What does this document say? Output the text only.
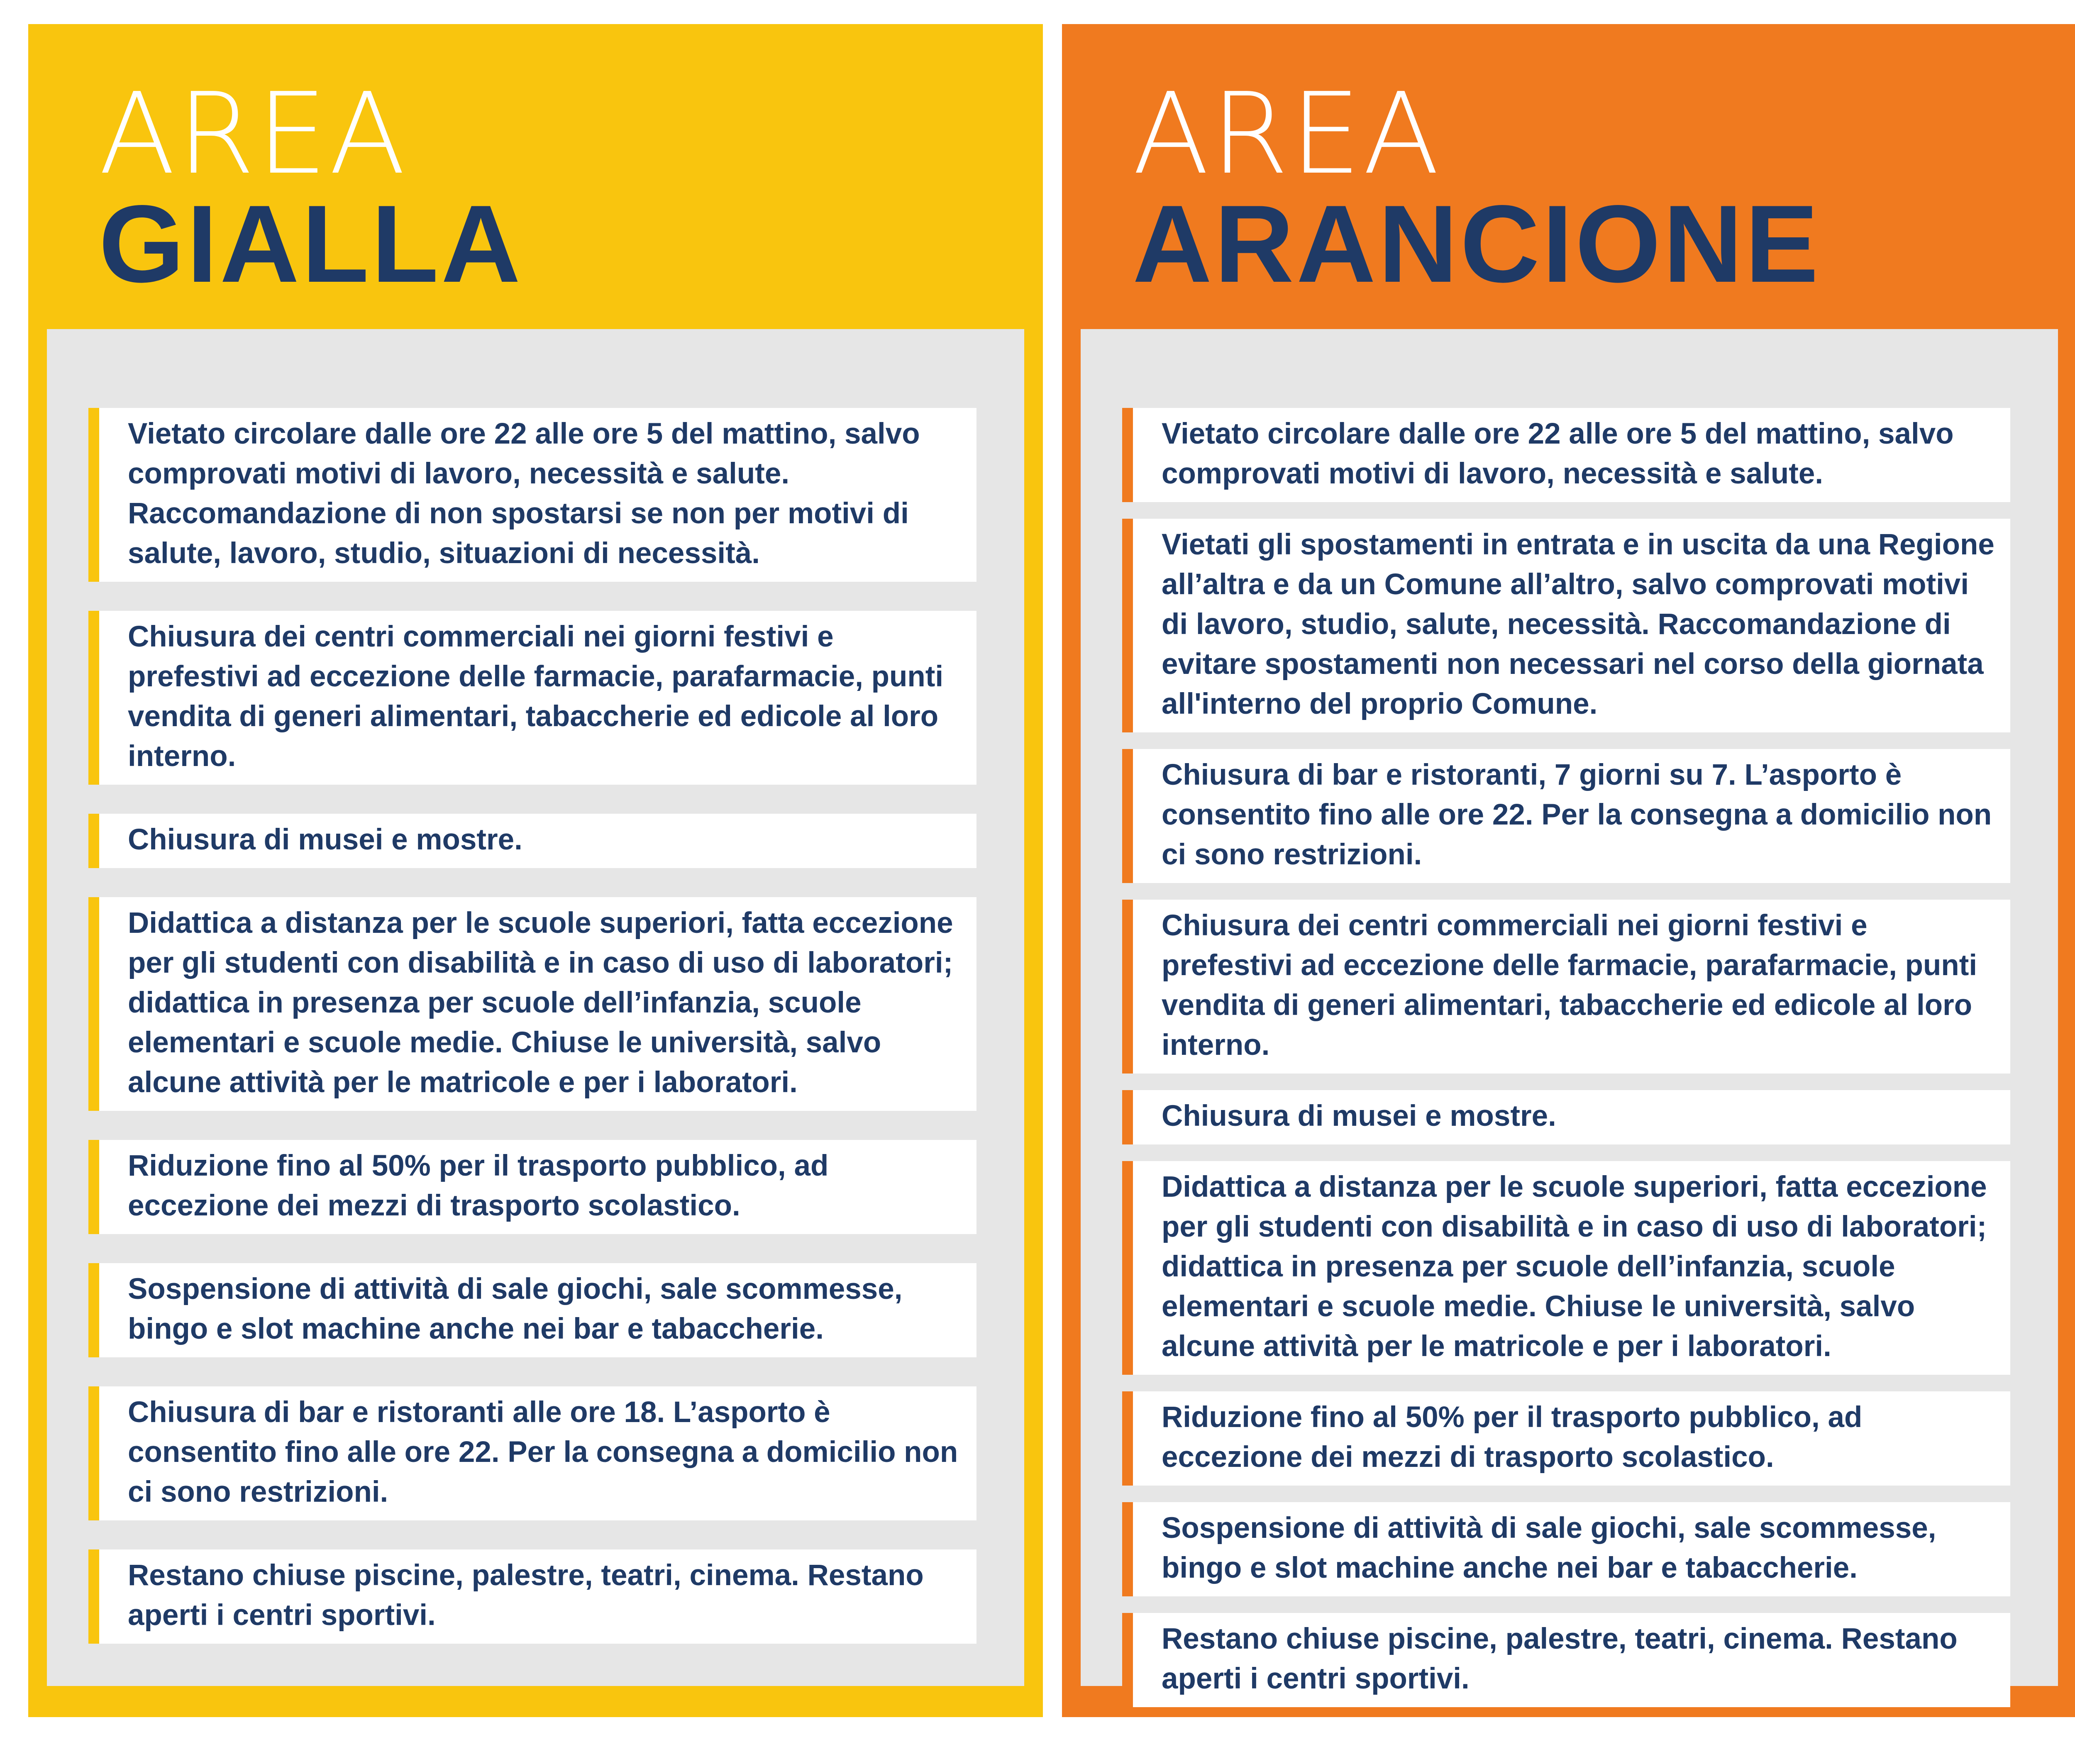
AREA
GIALLA
Vietato circolare dalle ore 22 alle ore 5 del mattino, salvo comprovati motivi di lavoro, necessità e salute. Raccomandazione di non spostarsi se non per motivi di salute, lavoro, studio, situazioni di necessità.
Chiusura dei centri commerciali nei giorni festivi e prefestivi ad eccezione delle farmacie, parafarmacie, punti vendita di generi alimentari, tabaccherie ed edicole al loro interno.
Chiusura di musei e mostre.
Didattica a distanza per le scuole superiori, fatta eccezione per gli studenti con disabilità e in caso di uso di laboratori; didattica in presenza per scuole dell’infanzia, scuole elementari e scuole medie. Chiuse le università, salvo alcune attività per le matricole e per i laboratori.
Riduzione fino al 50% per il trasporto pubblico, ad eccezione dei mezzi di trasporto scolastico.
Sospensione di attività di sale giochi, sale scommesse, bingo e slot machine anche nei bar e tabaccherie.
Chiusura di bar e ristoranti alle ore 18. L’asporto è consentito fino alle ore 22. Per la consegna a domicilio non ci sono restrizioni.
Restano chiuse piscine, palestre, teatri, cinema. Restano aperti i centri sportivi.
AREA
ARANCIONE
Vietato circolare dalle ore 22 alle ore 5 del mattino, salvo comprovati motivi di lavoro, necessità e salute.
Vietati gli spostamenti in entrata e in uscita da una Regione all’altra e da un Comune all’altro, salvo comprovati motivi di lavoro, studio, salute, necessità. Raccomandazione di evitare spostamenti non necessari nel corso della giornata all'interno del proprio Comune.
Chiusura di bar e ristoranti, 7 giorni su 7. L’asporto è consentito fino alle ore 22. Per la consegna a domicilio non ci sono restrizioni.
Chiusura dei centri commerciali nei giorni festivi e prefestivi ad eccezione delle farmacie, parafarmacie, punti vendita di generi alimentari, tabaccherie ed edicole al loro interno.
Chiusura di musei e mostre.
Didattica a distanza per le scuole superiori, fatta eccezione per gli studenti con disabilità e in caso di uso di laboratori; didattica in presenza per scuole dell’infanzia, scuole elementari e scuole medie. Chiuse le università, salvo alcune attività per le matricole e per i laboratori.
Riduzione fino al 50% per il trasporto pubblico, ad eccezione dei mezzi di trasporto scolastico.
Sospensione di attività di sale giochi, sale scommesse, bingo e slot machine anche nei bar e tabaccherie.
Restano chiuse piscine, palestre, teatri, cinema. Restano aperti i centri sportivi.
